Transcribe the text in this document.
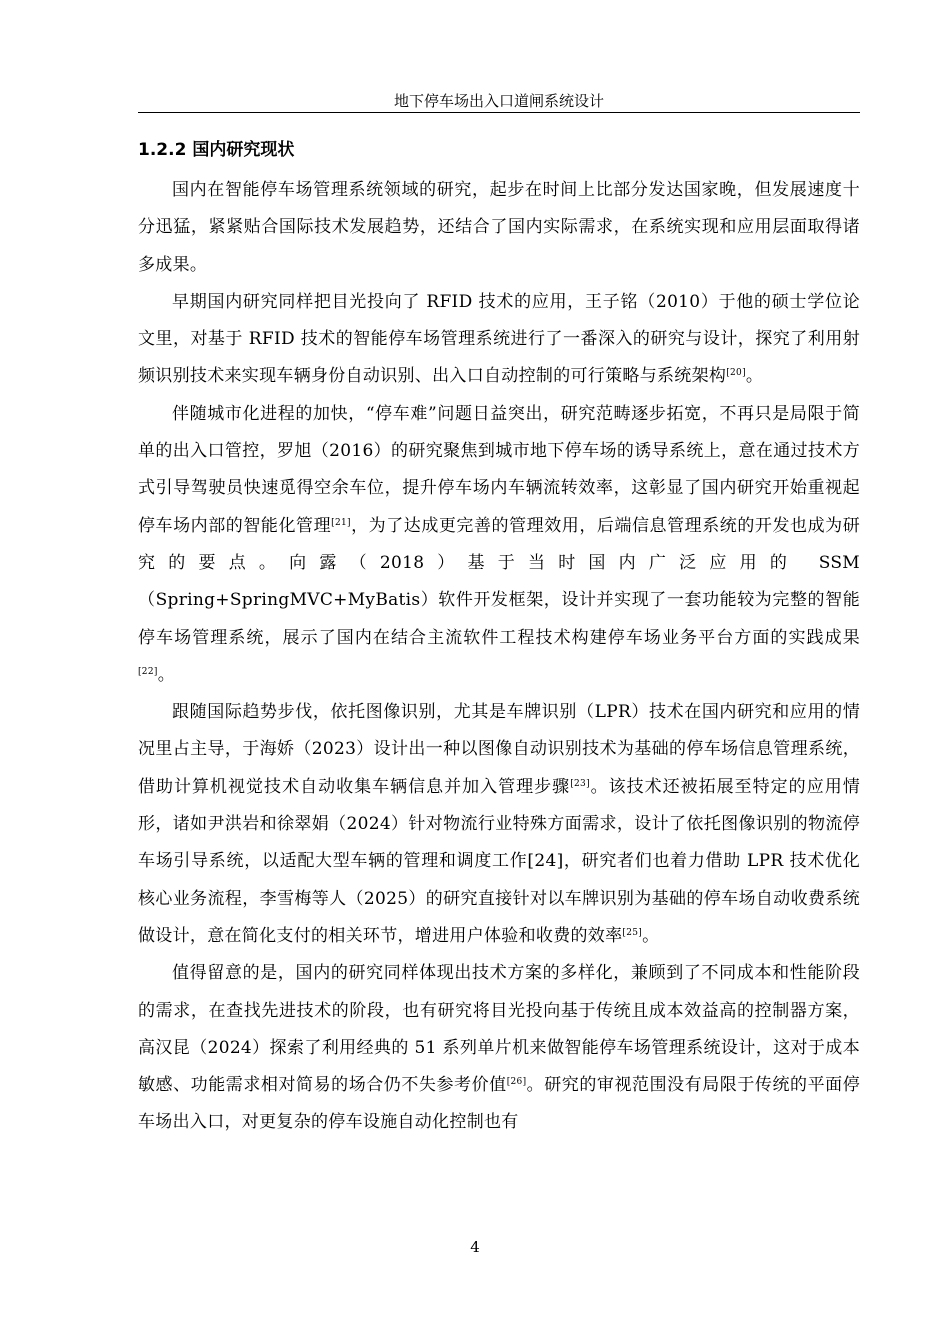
地下停车场出入口道闸系统设计
1.2.2 国内研究现状

国内在智能停车场管理系统领域的研究，起步在时间上比部分发达国家晚，但发展速度十分迅猛，紧紧贴合国际技术发展趋势，还结合了国内实际需求，在系统实现和应用层面取得诸多成果。

早期国内研究同样把目光投向了 RFID 技术的应用，王子铭（2010）于他的硕士学位论文里，对基于 RFID 技术的智能停车场管理系统进行了一番深入的研究与设计，探究了利用射频识别技术来实现车辆身份自动识别、出入口自动控制的可行策略与系统架构[20]。

伴随城市化进程的加快，“停车难”问题日益突出，研究范畴逐步拓宽，不再只是局限于简单的出入口管控，罗旭（2016）的研究聚焦到城市地下停车场的诱导系统上，意在通过技术方式引导驾驶员快速觅得空余车位，提升停车场内车辆流转效率，这彰显了国内研究开始重视起停车场内部的智能化管理[21]，为了达成更完善的管理效用，后端信息管理系统的开发也成为研究的要点。向露（2018）基于当时国内广泛应用的 SSM（Spring+SpringMVC+MyBatis）软件开发框架，设计并实现了一套功能较为完整的智能停车场管理系统，展示了国内在结合主流软件工程技术构建停车场业务平台方面的实践成果[22]。

跟随国际趋势步伐，依托图像识别，尤其是车牌识别（LPR）技术在国内研究和应用的情况里占主导，于海娇（2023）设计出一种以图像自动识别技术为基础的停车场信息管理系统，借助计算机视觉技术自动收集车辆信息并加入管理步骤[23]。该技术还被拓展至特定的应用情形，诸如尹洪岩和徐翠娟（2024）针对物流行业特殊方面需求，设计了依托图像识别的物流停车场引导系统，以适配大型车辆的管理和调度工作[24]，研究者们也着力借助 LPR 技术优化核心业务流程，李雪梅等人（2025）的研究直接针对以车牌识别为基础的停车场自动收费系统做设计，意在简化支付的相关环节，增进用户体验和收费的效率[25]。

值得留意的是，国内的研究同样体现出技术方案的多样化，兼顾到了不同成本和性能阶段的需求，在查找先进技术的阶段，也有研究将目光投向基于传统且成本效益高的控制器方案，高汉昆（2024）探索了利用经典的 51 系列单片机来做智能停车场管理系统设计，这对于成本敏感、功能需求相对简易的场合仍不失参考价值[26]。研究的审视范围没有局限于传统的平面停车场出入口，对更复杂的停车设施自动化控制也有

4
